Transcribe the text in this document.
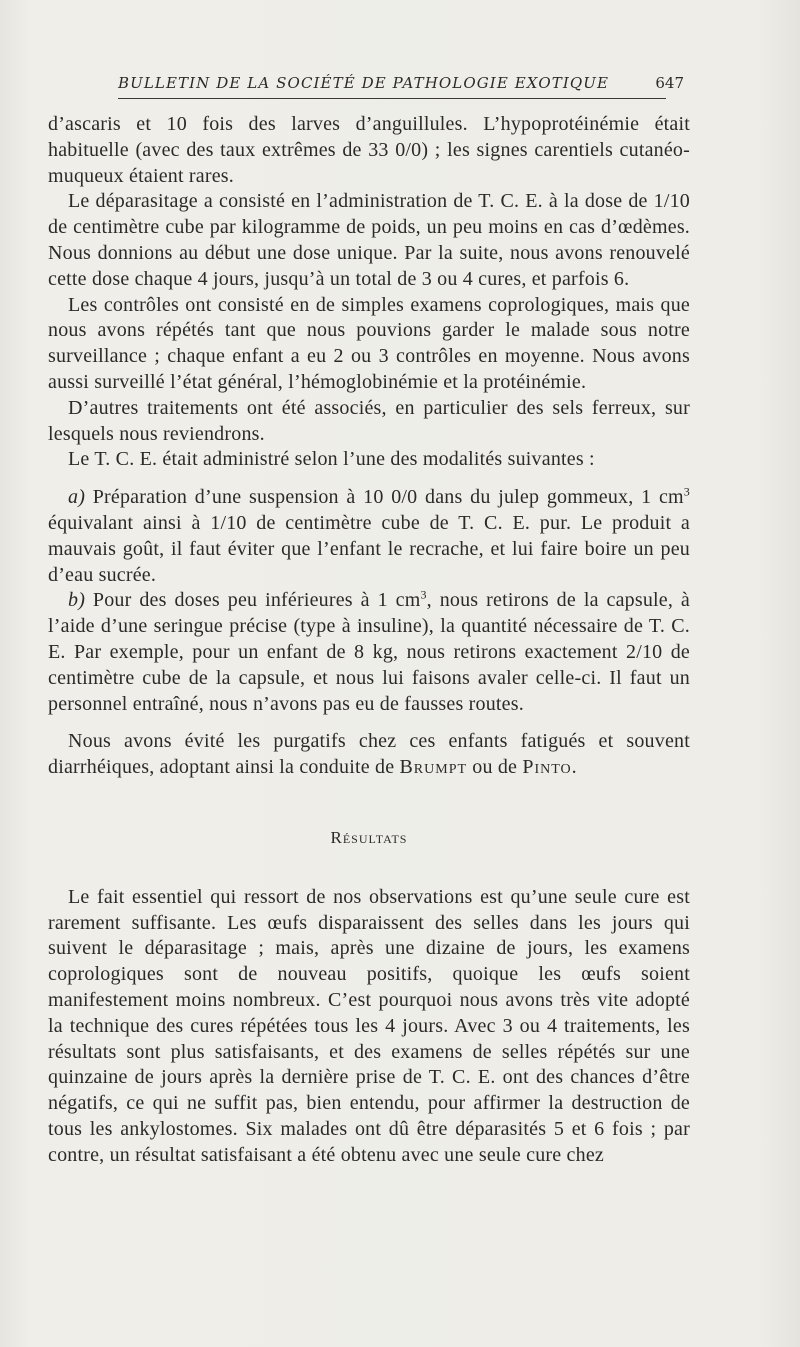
BULLETIN DE LA SOCIÉTÉ DE PATHOLOGIE EXOTIQUE	647

d’ascaris et 10 fois des larves d’anguillules. L’hypoprotéinémie était habituelle (avec des taux extrêmes de 33 0/0) ; les signes carentiels cutanéo-muqueux étaient rares.

Le déparasitage a consisté en l’administration de T. C. E. à la dose de 1/10 de centimètre cube par kilogramme de poids, un peu moins en cas d’œdèmes. Nous donnions au début une dose unique. Par la suite, nous avons renouvelé cette dose chaque 4 jours, jusqu’à un total de 3 ou 4 cures, et parfois 6.

Les contrôles ont consisté en de simples examens coprologiques, mais que nous avons répétés tant que nous pouvions garder le malade sous notre surveillance ; chaque enfant a eu 2 ou 3 contrôles en moyenne. Nous avons aussi surveillé l’état général, l’hémoglobinémie et la protéinémie.

D’autres traitements ont été associés, en particulier des sels ferreux, sur lesquels nous reviendrons.

Le T. C. E. était administré selon l’une des modalités suivantes :

a) Préparation d’une suspension à 10 0/0 dans du julep gommeux, 1 $cm^3$ équivalant ainsi à 1/10 de centimètre cube de T. C. E. pur. Le produit a mauvais goût, il faut éviter que l’enfant le recrache, et lui faire boire un peu d’eau sucrée.

b) Pour des doses peu inférieures à 1 $cm^3$, nous retirons de la capsule, à l’aide d’une seringue précise (type à insuline), la quantité nécessaire de T. C. E. Par exemple, pour un enfant de 8 kg, nous retirons exactement 2/10 de centimètre cube de la capsule, et nous lui faisons avaler celle-ci. Il faut un personnel entraîné, nous n’avons pas eu de fausses routes.

Nous avons évité les purgatifs chez ces enfants fatigués et souvent diarrhéiques, adoptant ainsi la conduite de Brumpt ou de Pinto.

Résultats

Le fait essentiel qui ressort de nos observations est qu’une seule cure est rarement suffisante. Les œufs disparaissent des selles dans les jours qui suivent le déparasitage ; mais, après une dizaine de jours, les examens coprologiques sont de nouveau positifs, quoique les œufs soient manifestement moins nombreux. C’est pourquoi nous avons très vite adopté la technique des cures répétées tous les 4 jours. Avec 3 ou 4 traitements, les résultats sont plus satisfaisants, et des examens de selles répétés sur une quinzaine de jours après la dernière prise de T. C. E. ont des chances d’être négatifs, ce qui ne suffit pas, bien entendu, pour affirmer la destruction de tous les ankylostomes. Six malades ont dû être déparasités 5 et 6 fois ; par contre, un résultat satisfaisant a été obtenu avec une seule cure chez
